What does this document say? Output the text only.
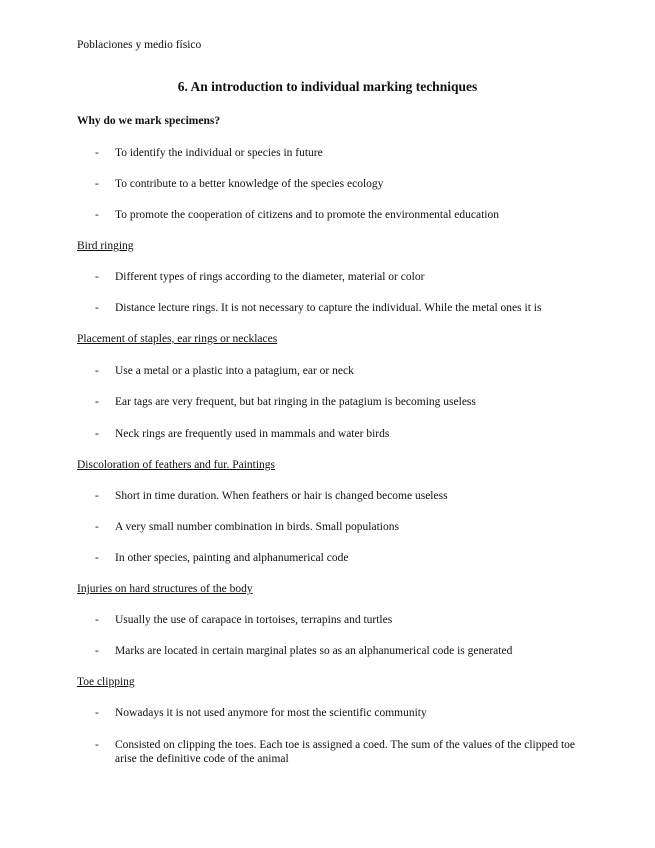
Poblaciones y medio físico
6. An introduction to individual marking techniques
Why do we mark specimens?
- To identify the individual or species in future
- To contribute to a better knowledge of the species ecology
- To promote the cooperation of citizens and to promote the environmental education
Bird ringing
- Different types of rings according to the diameter, material or color
- Distance lecture rings. It is not necessary to capture the individual. While the metal ones it is
Placement of staples, ear rings or necklaces
- Use a metal or a plastic into a patagium, ear or neck
- Ear tags are very frequent, but bat ringing in the patagium is becoming useless
- Neck rings are frequently used in mammals and water birds
Discoloration of feathers and fur. Paintings
- Short in time duration. When feathers or hair is changed become useless
- A very small number combination in birds. Small populations
- In other species, painting and alphanumerical code
Injuries on hard structures of the body
- Usually the use of carapace in tortoises, terrapins and turtles
- Marks are located in certain marginal plates so as an alphanumerical code is generated
Toe clipping
- Nowadays it is not used anymore for most the scientific community
- Consisted on clipping the toes. Each toe is assigned a coed. The sum of the values of the clipped toe arise the definitive code of the animal
